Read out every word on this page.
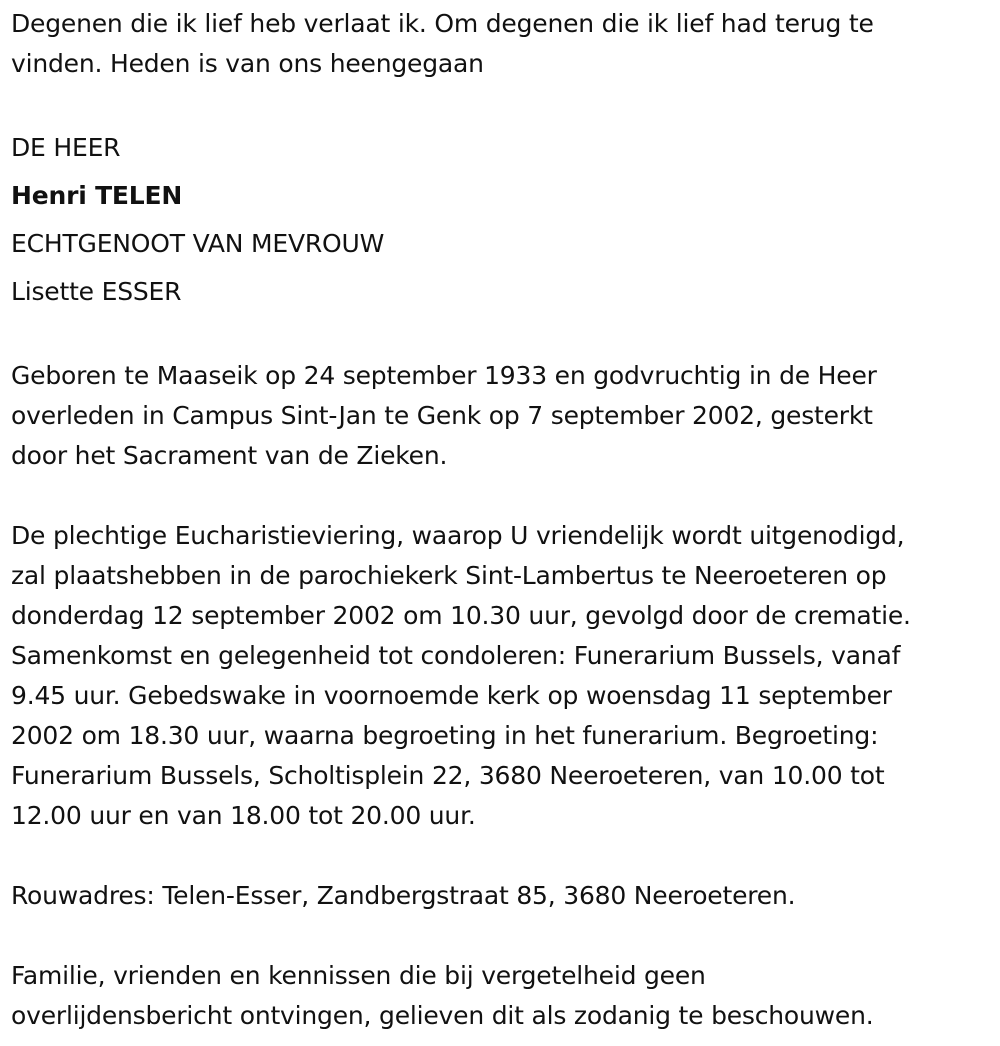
Degenen die ik lief heb verlaat ik. Om degenen die ik lief had terug te

vinden. Heden is van ons heengegaan

DE HEER

Henri TELEN

ECHTGENOOT VAN MEVROUW

Lisette ESSER

Geboren te Maaseik op 24 september 1933 en godvruchtig in de Heer

overleden in Campus Sint-Jan te Genk op 7 september 2002, gesterkt

door het Sacrament van de Zieken.

De plechtige Eucharistieviering, waarop U vriendelijk wordt uitgenodigd,

zal plaatshebben in de parochiekerk Sint-Lambertus te Neeroeteren op

donderdag 12 september 2002 om 10.30 uur, gevolgd door de crematie.

Samenkomst en gelegenheid tot condoleren: Funerarium Bussels, vanaf

9.45 uur. Gebedswake in voornoemde kerk op woensdag 11 september

2002 om 18.30 uur, waarna begroeting in het funerarium. Begroeting:

Funerarium Bussels, Scholtisplein 22, 3680 Neeroeteren, van 10.00 tot

12.00 uur en van 18.00 tot 20.00 uur.

Rouwadres: Telen-Esser, Zandbergstraat 85, 3680 Neeroeteren.

Familie, vrienden en kennissen die bij vergetelheid geen

overlijdensbericht ontvingen, gelieven dit als zodanig te beschouwen.
